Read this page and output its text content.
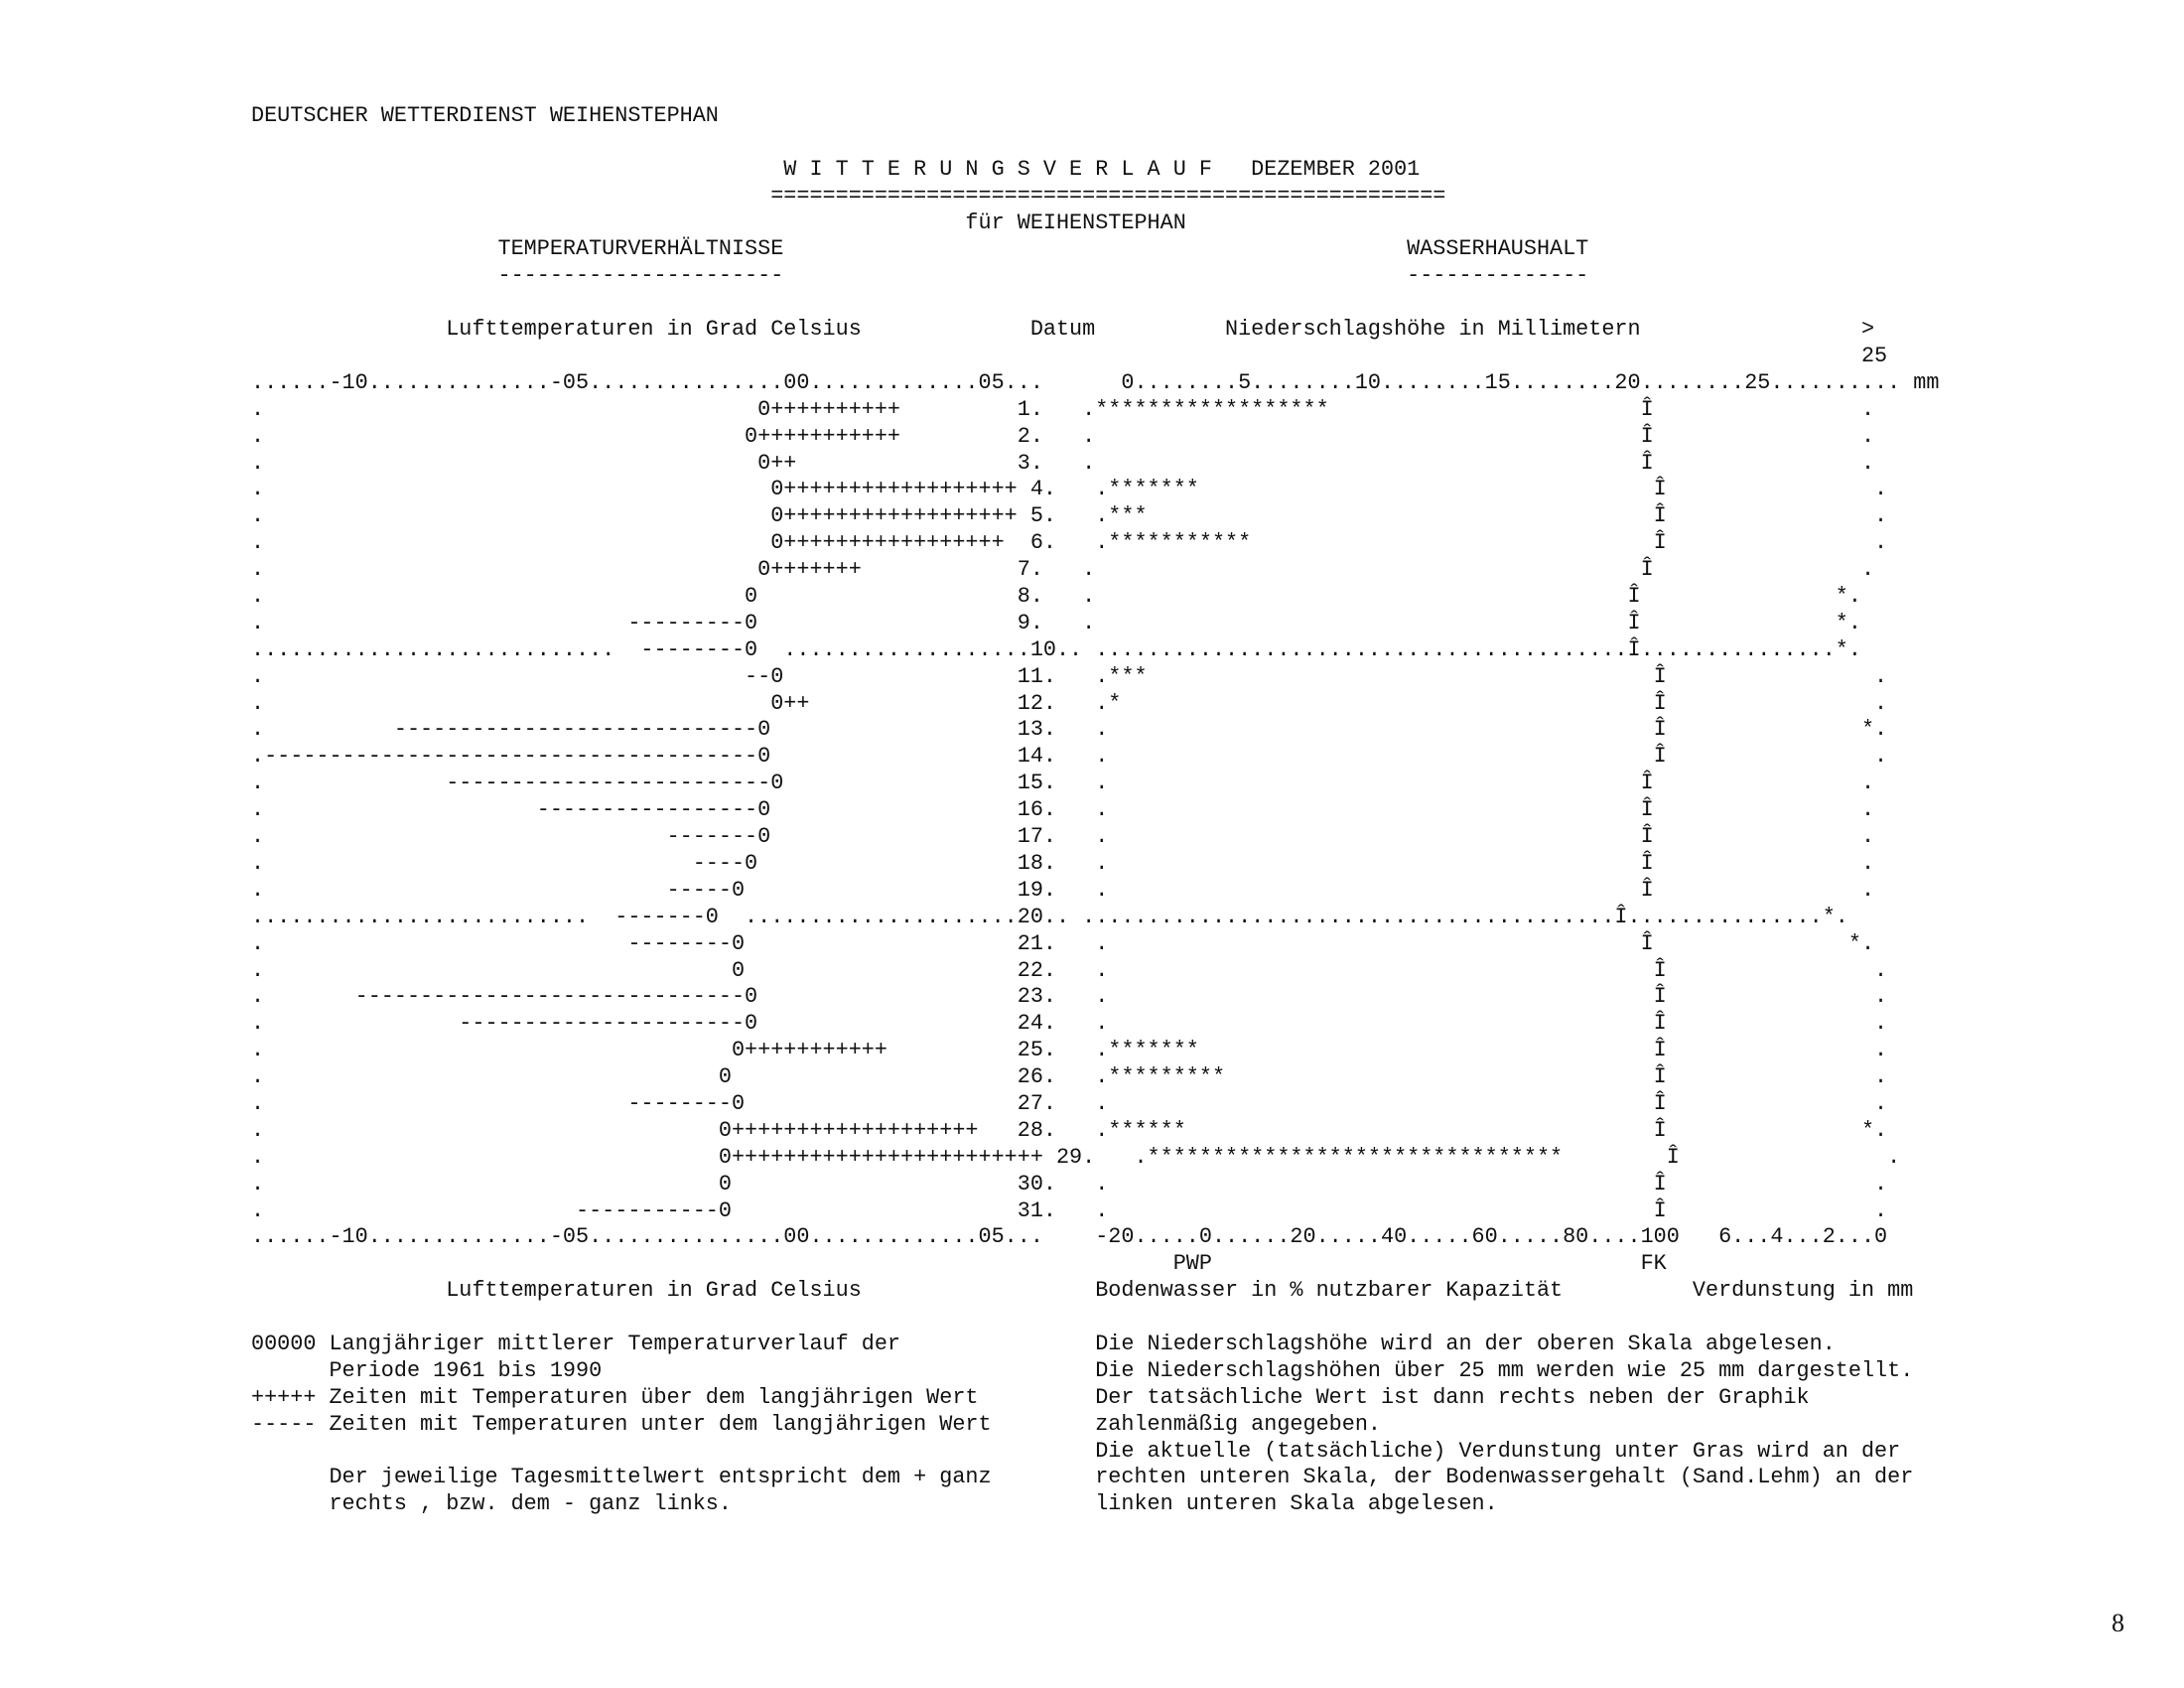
DEUTSCHER WETTERDIENST WEIHENSTEPHAN
W I T T E R U N G S V E R L A U F   DEZEMBER 2001
====================================================
für WEIHENSTEPHAN
TEMPERATURVERHÄLTNISSE                                                WASSERHAUSHALT
----------------------                                                --------------
Lufttemperaturen in Grad Celsius             Datum          Niederschlagshöhe in Millimetern                 >
25
......-10..............-05...............00.............05...      0........5........10........15........20........25.......... mm
.                                      0++++++++++         1.   .******************                        Î                .
.                                     0+++++++++++         2.   .                                          Î                .
.                                      0++                 3.   .                                          Î                .
.                                       0++++++++++++++++++ 4.   .*******                                   Î                .
.                                       0++++++++++++++++++ 5.   .***                                       Î                .
.                                       0+++++++++++++++++  6.   .***********                               Î                .
.                                      0+++++++            7.   .                                          Î                .
.                                     0                    8.   .                                         Î               *.
.                            ---------0                    9.   .                                         Î               *.
............................  --------0  ...................10.. .........................................Î...............*.
.                                     --0                  11.   .***                                       Î                .
.                                       0++                12.   .*                                         Î                .
.          ----------------------------0                   13.   .                                          Î               *.
.--------------------------------------0                   14.   .                                          Î                .
.              -------------------------0                  15.   .                                         Î                .
.                     -----------------0                   16.   .                                         Î                .
.                               -------0                   17.   .                                         Î                .
.                                 ----0                    18.   .                                         Î                .
.                               -----0                     19.   .                                         Î                .
..........................  -------0  .....................20.. .........................................Î...............*.
.                            --------0                     21.   .                                         Î               *.
.                                    0                     22.   .                                          Î                .
.       ------------------------------0                    23.   .                                          Î                .
.               ----------------------0                    24.   .                                          Î                .
.                                    0+++++++++++          25.   .*******                                   Î                .
.                                   0                      26.   .*********                                 Î                .
.                            --------0                     27.   .                                          Î                .
.                                   0+++++++++++++++++++   28.   .******                                    Î               *.
.                                   0++++++++++++++++++++++++ 29.   .********************************        Î                .
.                                   0                      30.   .                                          Î                .
.                        -----------0                      31.   .                                          Î                .
......-10..............-05...............00.............05...    -20.....0......20.....40.....60.....80....100   6...4...2...0
PWP                                 FK
Lufttemperaturen in Grad Celsius                  Bodenwasser in % nutzbarer Kapazität          Verdunstung in mm
00000 Langjähriger mittlerer Temperaturverlauf der               Die Niederschlagshöhe wird an der oberen Skala abgelesen.
Periode 1961 bis 1990                                      Die Niederschlagshöhen über 25 mm werden wie 25 mm dargestellt.
+++++ Zeiten mit Temperaturen über dem langjährigen Wert         Der tatsächliche Wert ist dann rechts neben der Graphik
----- Zeiten mit Temperaturen unter dem langjährigen Wert        zahlenmäßig angegeben.
Die aktuelle (tatsächliche) Verdunstung unter Gras wird an der
Der jeweilige Tagesmittelwert entspricht dem + ganz        rechten unteren Skala, der Bodenwassergehalt (Sand.Lehm) an der
rechts , bzw. dem - ganz links.                            linken unteren Skala abgelesen.
8
